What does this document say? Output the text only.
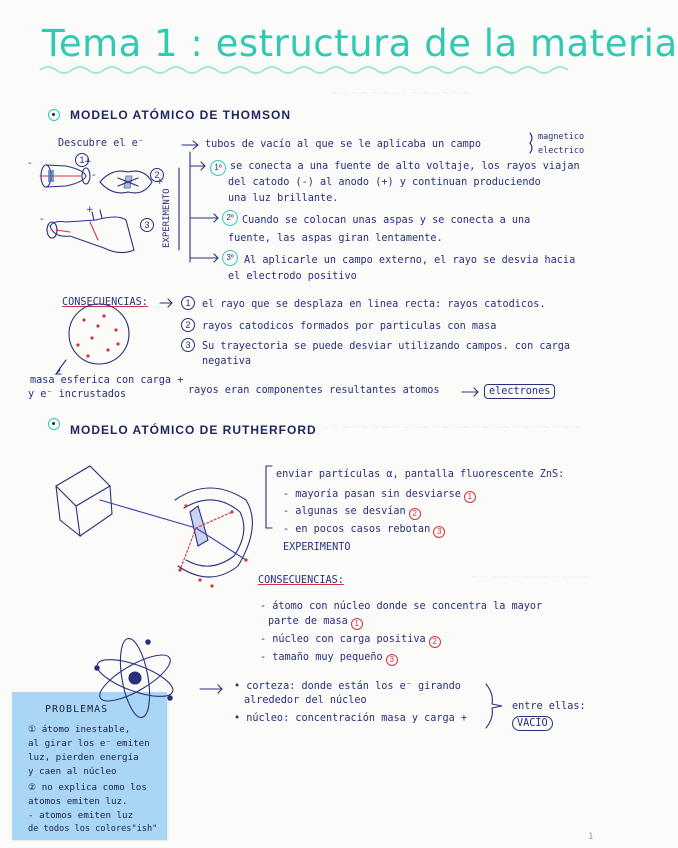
~~~~~~~~~~~~~~
~~~~~~~~~~~~~~~~~~~~~~~~~~~~
~~~~~~~~~~~~
Tema 1 : estructura de la materia
MODELO ATÓMICO DE THOMSON
Descubre el e⁻	tubos de vacío al que se le aplicaba un campo
magnetico
electrico
1º se conecta a una fuente de alto voltaje, los rayos viajan
del catodo (-) al anodo (+) y continuan produciendo
una luz brillante.
2º Cuando se colocan unas aspas y se conecta a una
fuente, las aspas giran lentamente.
3º	Al aplicarle un campo externo, el rayo se desvia hacia
el electrodo positivo
EXPERIMENTO
1
2
3
CONSECUENCIAS:	1	el rayo que se desplaza en linea recta: rayos catodicos.
2	rayos catodicos formados por particulas con masa
3	Su trayectoria se puede desviar utilizando campos. con carga
negativa
masa esferica con carga +
y e⁻ incrustados	rayos eran componentes resultantes atomos	electrones
MODELO ATÓMICO DE RUTHERFORD
enviar partículas α, pantalla fluorescente ZnS:
- mayoría pasan sin desviarse 1
- algunas se desvían 2
- en pocos casos rebotan 3
EXPERIMENTO
CONSECUENCIAS:
- átomo con núcleo donde se concentra la mayor
parte de masa 1
- núcleo con carga positiva 2
- tamaño muy pequeño 3
• corteza: donde están los e⁻ girando
alrededor del núcleo
• núcleo: concentración masa y carga +
entre ellas:
VACÍO
PROBLEMAS
① átomo inestable,
al girar los e⁻ emiten
luz, pierden energía
y caen al núcleo
② no explica como los
atomos emiten luz.
- atomos emiten luz
de todos los colores"ish"
1
-	+
-
+
+
-
